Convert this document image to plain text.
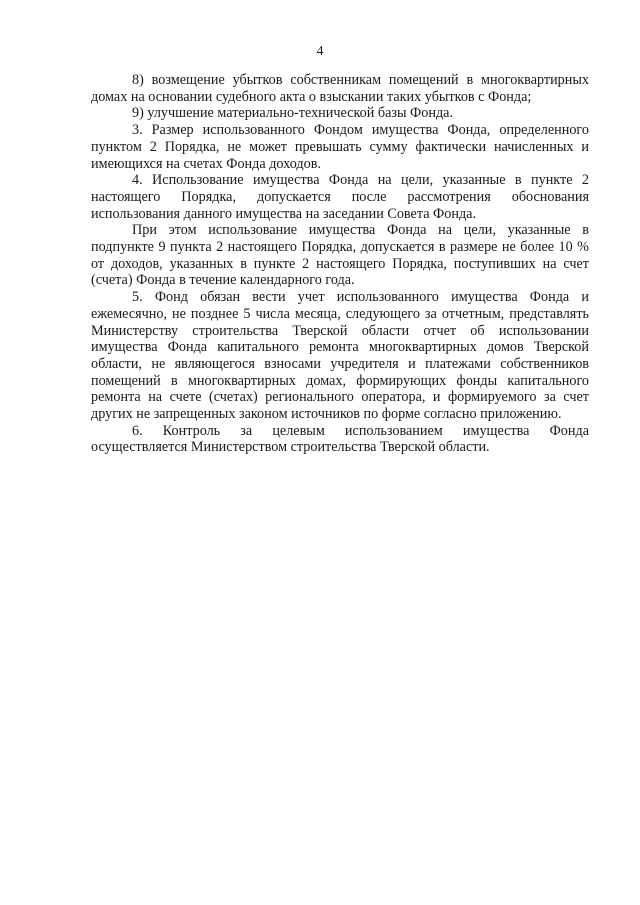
4

8) возмещение убытков собственникам помещений в многоквартирных домах на основании судебного акта о взыскании таких убытков с Фонда;

9) улучшение материально-технической базы Фонда.

3. Размер использованного Фондом имущества Фонда, определенного пунктом 2 Порядка, не может превышать сумму фактически начисленных и имеющихся на счетах Фонда доходов.

4. Использование имущества Фонда на цели, указанные в пункте 2 настоящего Порядка, допускается после рассмотрения обоснования использования данного имущества на заседании Совета Фонда.

При этом использование имущества Фонда на цели, указанные в подпункте 9 пункта 2 настоящего Порядка, допускается в размере не более 10 % от доходов, указанных в пункте 2 настоящего Порядка, поступивших на счет (счета) Фонда в течение календарного года.

5. Фонд обязан вести учет использованного имущества Фонда и ежемесячно, не позднее 5 числа месяца, следующего за отчетным, представлять Министерству строительства Тверской области отчет об использовании имущества Фонда капитального ремонта многоквартирных домов Тверской области, не являющегося взносами учредителя и платежами собственников помещений в многоквартирных домах, формирующих фонды капитального ремонта на счете (счетах) регионального оператора, и формируемого за счет других не запрещенных законом источников по форме согласно приложению.

6. Контроль за целевым использованием имущества Фонда осуществляется Министерством строительства Тверской области.
